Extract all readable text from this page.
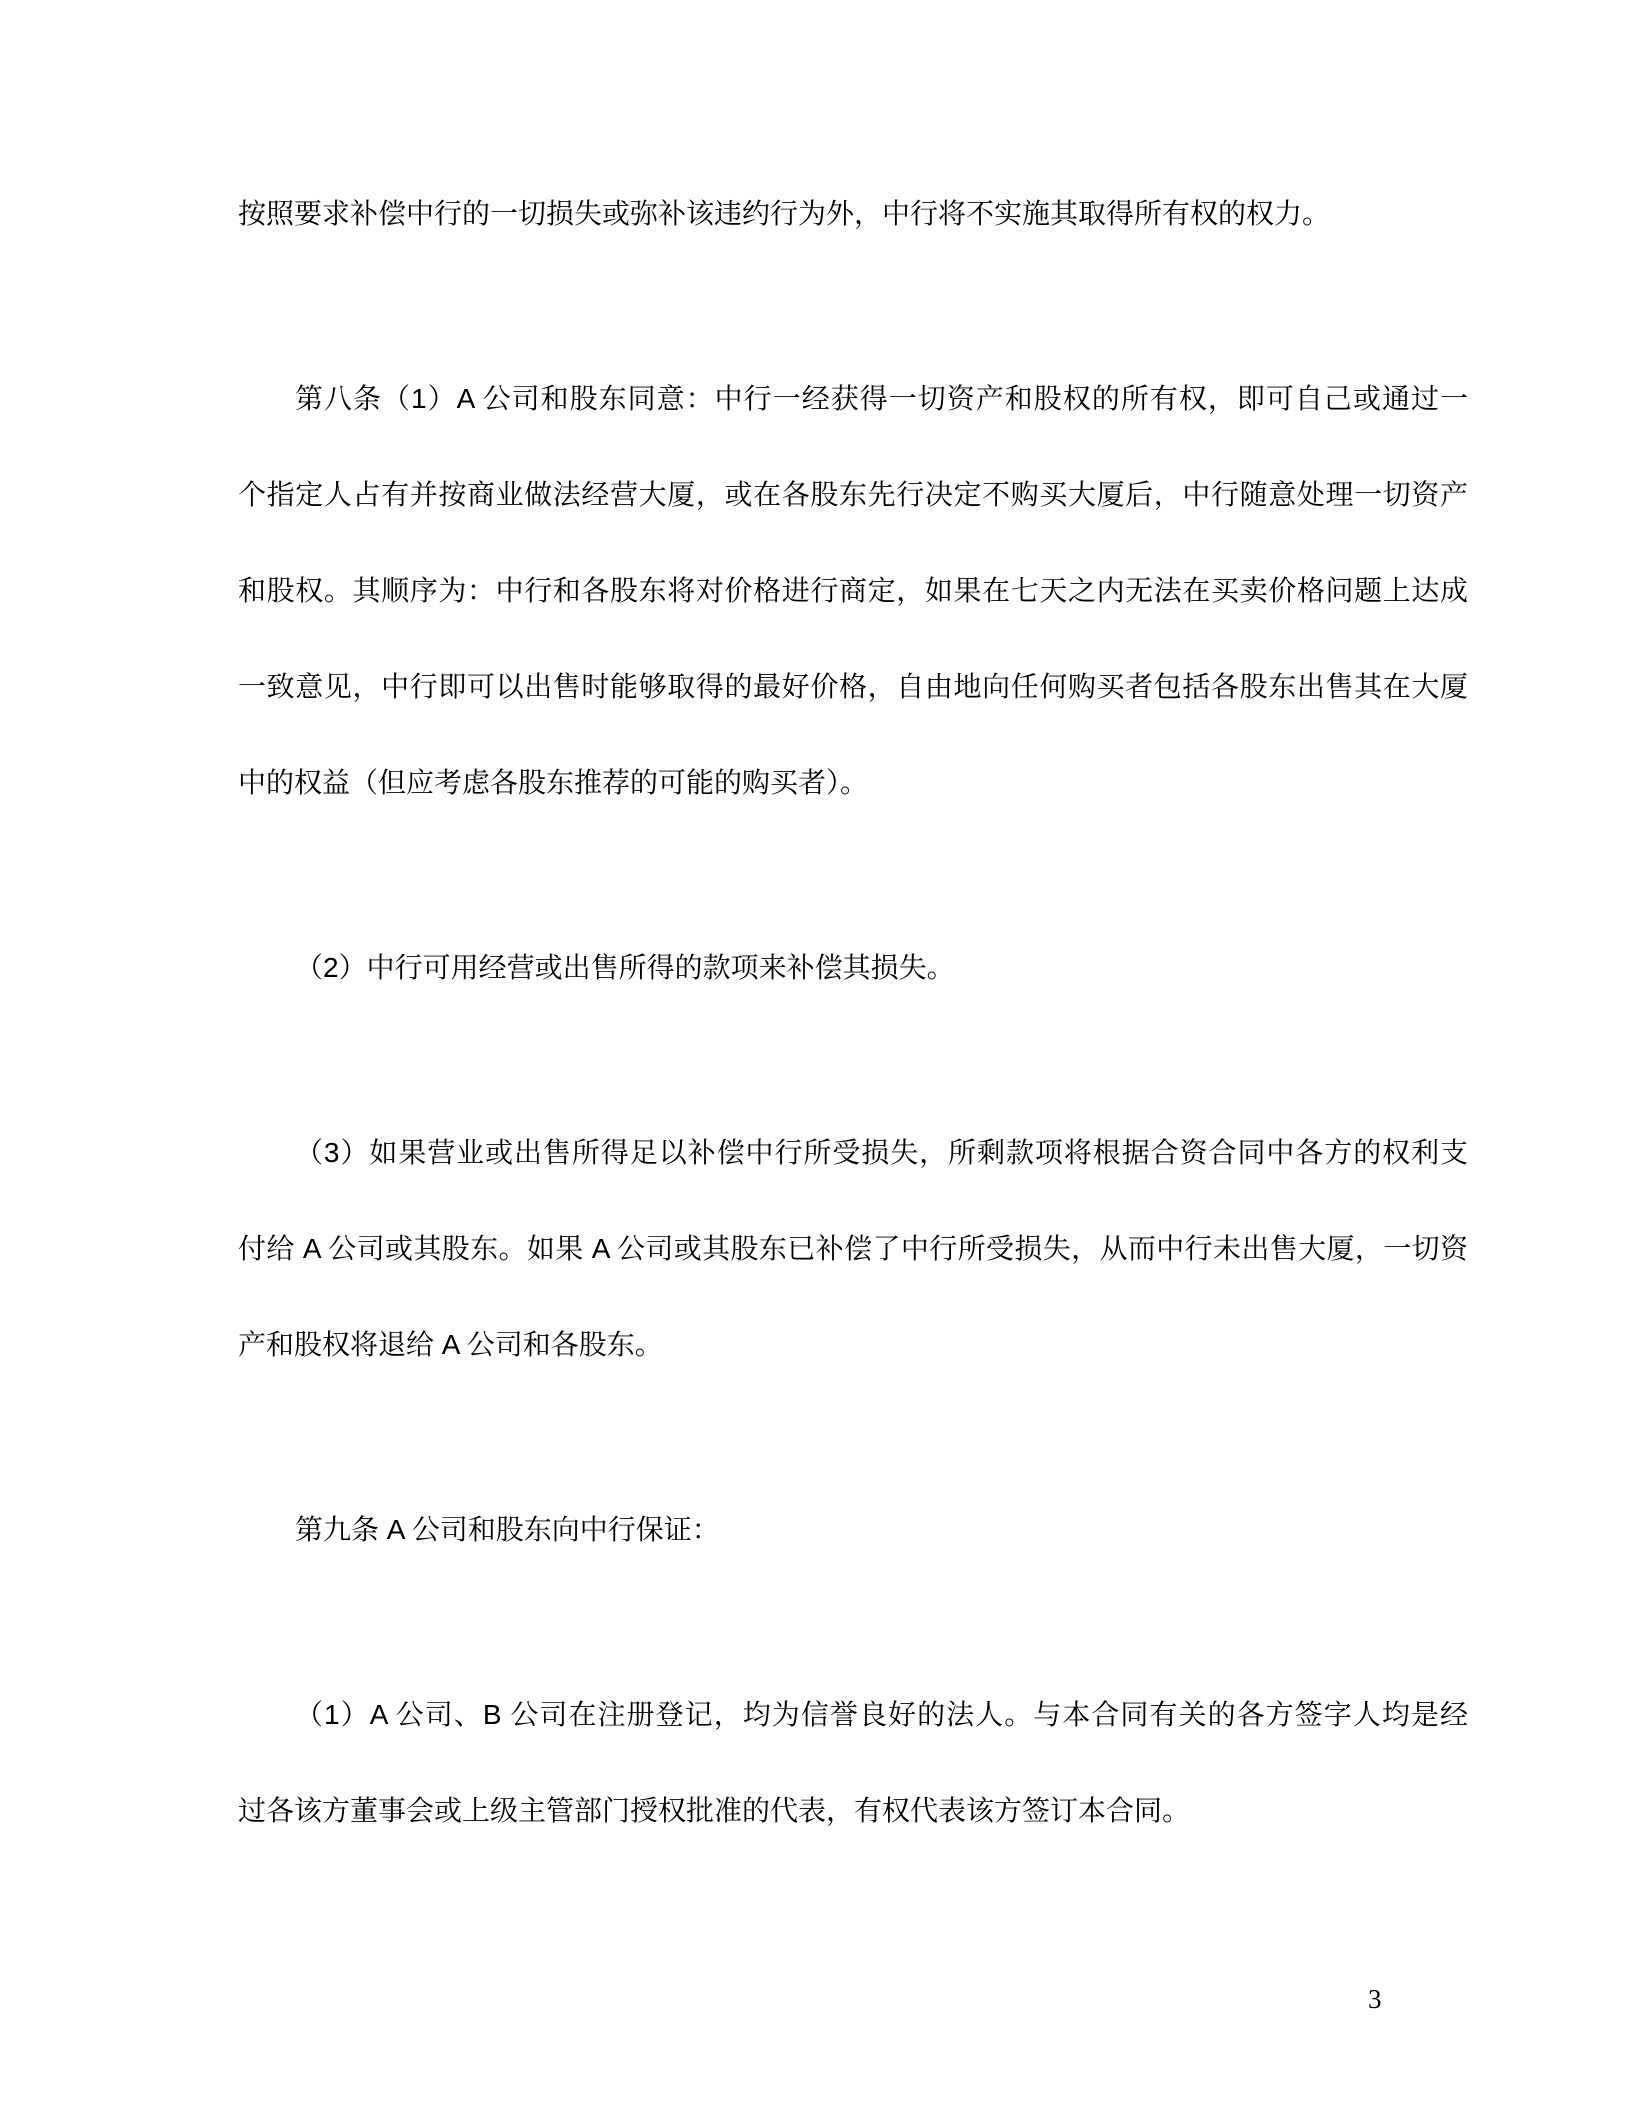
按照要求补偿中行的一切损失或弥补该违约行为外，中行将不实施其取得所有权的权力。

第八条（1）A 公司和股东同意：中行一经获得一切资产和股权的所有权，即可自己或通过一
个指定人占有并按商业做法经营大厦，或在各股东先行决定不购买大厦后，中行随意处理一切资产
和股权。其顺序为：中行和各股东将对价格进行商定，如果在七天之内无法在买卖价格问题上达成
一致意见，中行即可以出售时能够取得的最好价格，自由地向任何购买者包括各股东出售其在大厦
中的权益（但应考虑各股东推荐的可能的购买者）。

（2）中行可用经营或出售所得的款项来补偿其损失。

（3）如果营业或出售所得足以补偿中行所受损失，所剩款项将根据合资合同中各方的权利支
付给 A 公司或其股东。如果 A 公司或其股东已补偿了中行所受损失，从而中行未出售大厦，一切资
产和股权将退给 A 公司和各股东。

第九条 A 公司和股东向中行保证：

（1）A 公司、B 公司在注册登记，均为信誉良好的法人。与本合同有关的各方签字人均是经
过各该方董事会或上级主管部门授权批准的代表，有权代表该方签订本合同。

3
